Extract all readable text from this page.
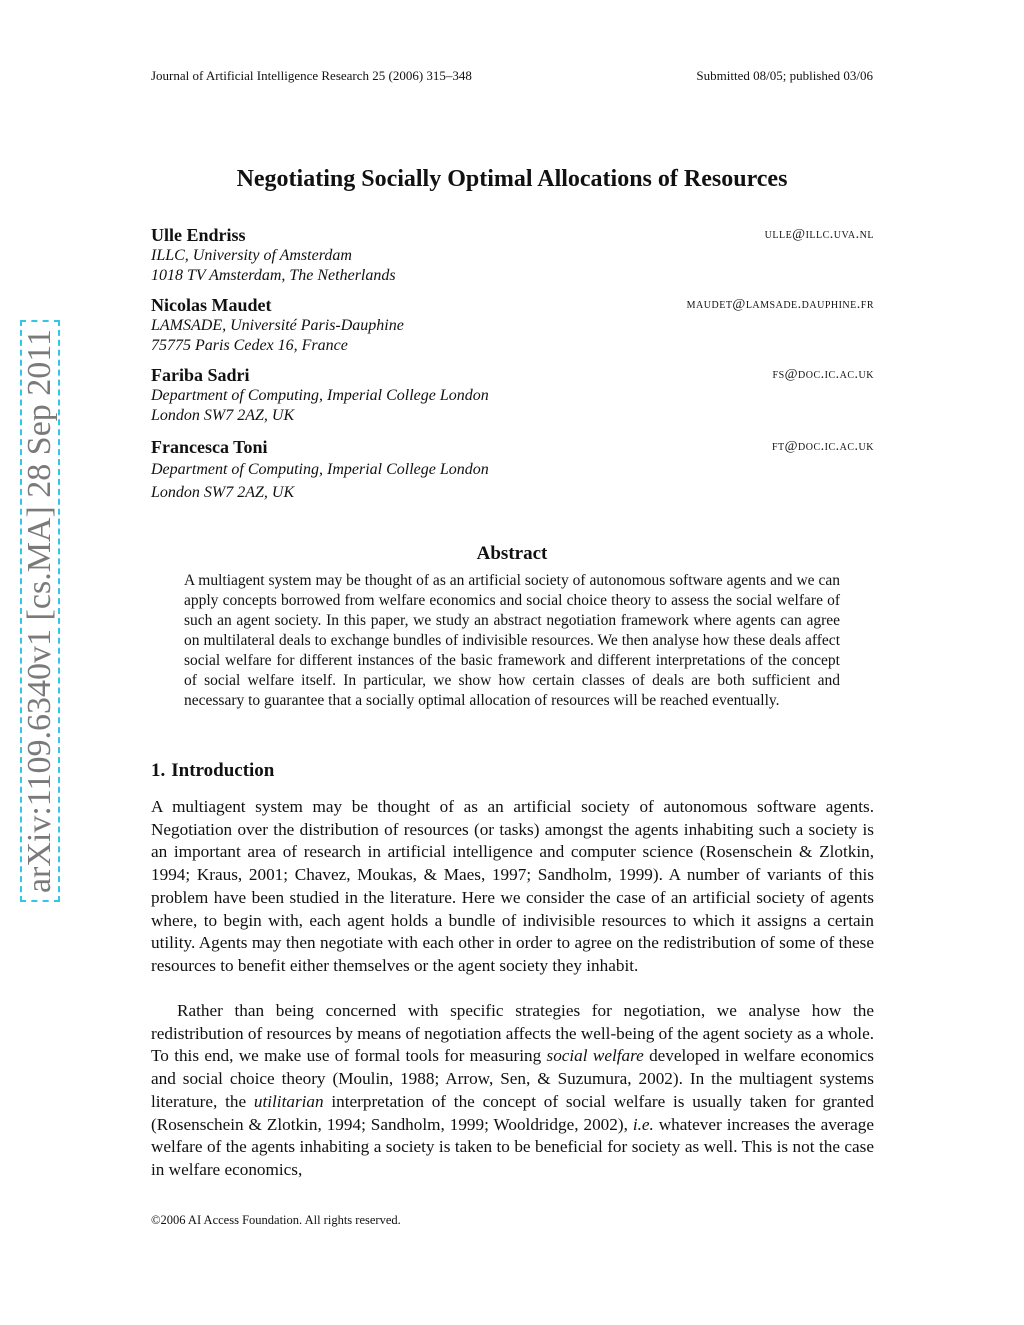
arXiv:1109.6340v1 [cs.MA] 28 Sep 2011
Journal of Artificial Intelligence Research 25 (2006) 315–348	Submitted 08/05; published 03/06
Negotiating Socially Optimal Allocations of Resources
Ulle Endriss	ulle@illc.uva.nl
ILLC, University of Amsterdam
1018 TV Amsterdam, The Netherlands
Nicolas Maudet	maudet@lamsade.dauphine.fr
LAMSADE, Université Paris-Dauphine
75775 Paris Cedex 16, France
Fariba Sadri	fs@doc.ic.ac.uk
Department of Computing, Imperial College London
London SW7 2AZ, UK
Francesca Toni	ft@doc.ic.ac.uk
Department of Computing, Imperial College London
London SW7 2AZ, UK
Abstract
A multiagent system may be thought of as an artificial society of autonomous software agents and we can apply concepts borrowed from welfare economics and social choice theory to assess the social welfare of such an agent society. In this paper, we study an abstract negotiation framework where agents can agree on multilateral deals to exchange bundles of indivisible resources. We then analyse how these deals affect social welfare for different instances of the basic framework and different interpretations of the concept of social welfare itself. In particular, we show how certain classes of deals are both sufficient and necessary to guarantee that a socially optimal allocation of resources will be reached eventually.
1. Introduction
A multiagent system may be thought of as an artificial society of autonomous software agents. Negotiation over the distribution of resources (or tasks) amongst the agents inhabiting such a society is an important area of research in artificial intelligence and computer science (Rosenschein & Zlotkin, 1994; Kraus, 2001; Chavez, Moukas, & Maes, 1997; Sandholm, 1999). A number of variants of this problem have been studied in the literature. Here we consider the case of an artificial society of agents where, to begin with, each agent holds a bundle of indivisible resources to which it assigns a certain utility. Agents may then negotiate with each other in order to agree on the redistribution of some of these resources to benefit either themselves or the agent society they inhabit.
Rather than being concerned with specific strategies for negotiation, we analyse how the redistribution of resources by means of negotiation affects the well-being of the agent society as a whole. To this end, we make use of formal tools for measuring social welfare developed in welfare economics and social choice theory (Moulin, 1988; Arrow, Sen, & Suzumura, 2002). In the multiagent systems literature, the utilitarian interpretation of the concept of social welfare is usually taken for granted (Rosenschein & Zlotkin, 1994; Sandholm, 1999; Wooldridge, 2002), i.e. whatever increases the average welfare of the agents inhabiting a society is taken to be beneficial for society as well. This is not the case in welfare economics,
©2006 AI Access Foundation. All rights reserved.
